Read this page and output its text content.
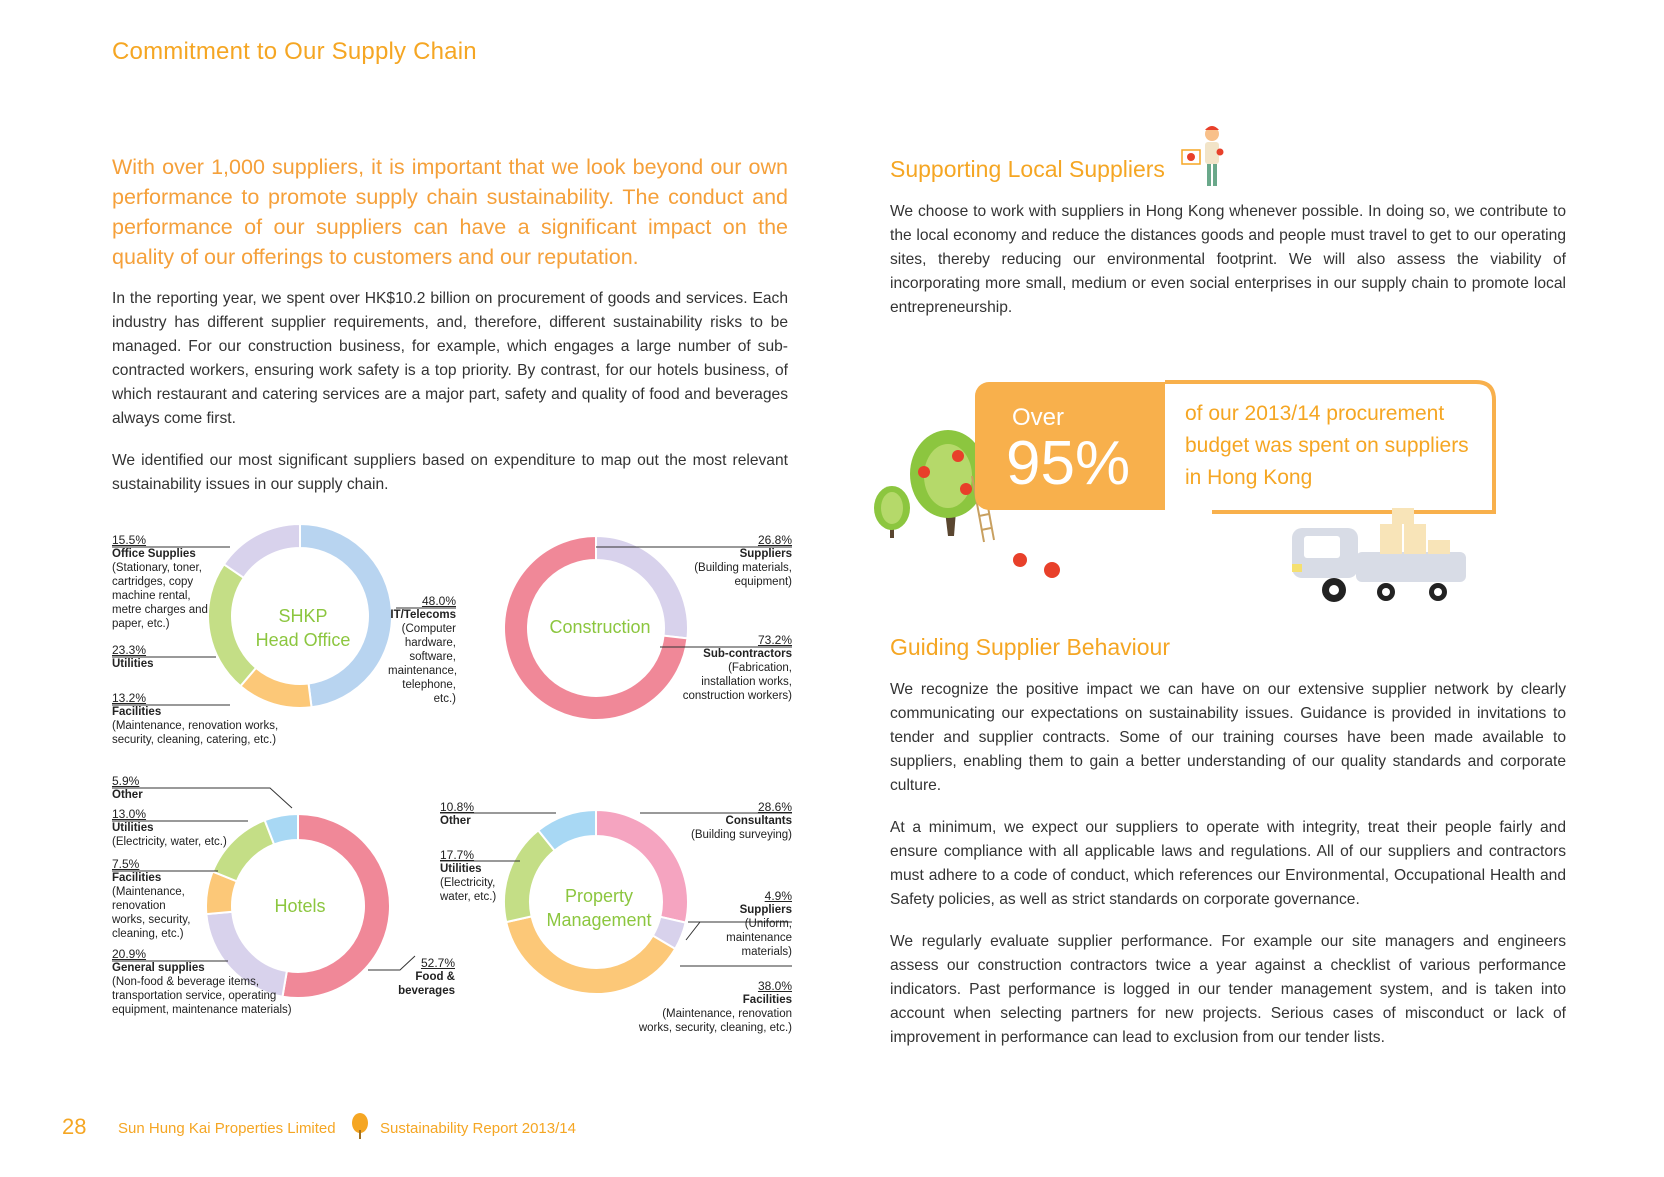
Commitment to Our Supply Chain
With over 1,000 suppliers, it is important that we look beyond our own performance to promote supply chain sustainability. The conduct and performance of our suppliers can have a significant impact on the quality of our offerings to customers and our reputation.
In the reporting year, we spent over HK$10.2 billion on procurement of goods and services. Each industry has different supplier requirements, and, therefore, different sustainability risks to be managed. For our construction business, for example, which engages a large number of sub-contracted workers, ensuring work safety is a top priority. By contrast, for our hotels business, of which restaurant and catering services are a major part, safety and quality of food and beverages always come first.
We identified our most significant suppliers based on expenditure to map out the most relevant sustainability issues in our supply chain.
SHKP
Head Office
Construction
Hotels	Property
Management
15.5%
Office Supplies
(Stationary, toner, cartridges, copy machine rental, metre charges and paper, etc.)
23.3%
Utilities
13.2%
Facilities
(Maintenance, renovation works, security, cleaning, catering, etc.)
48.0%
IT/Telecoms
(Computer hardware, software, maintenance, telephone, etc.)
26.8%
Suppliers
(Building materials, equipment)
73.2%
Sub-contractors
(Fabrication, installation works, construction workers)
5.9%
Other
13.0%
Utilities
(Electricity, water, etc.)
7.5%
Facilities
(Maintenance, renovation works, security, cleaning, etc.)
20.9%
General supplies
(Non-food & beverage items, transportation service, operating equipment, maintenance materials)
52.7%
Food & beverages
10.8%
Other
17.7%
Utilities
(Electricity, water, etc.)
28.6%
Consultants
(Building surveying)
4.9%
Suppliers
(Uniform, maintenance materials)
38.0%
Facilities
(Maintenance, renovation works, security, cleaning, etc.)
Supporting Local Suppliers
We choose to work with suppliers in Hong Kong whenever possible. In doing so, we contribute to the local economy and reduce the distances goods and people must travel to get to our operating sites, thereby reducing our environmental footprint. We will also assess the viability of incorporating more small, medium or even social enterprises in our supply chain to promote local entrepreneurship.
Over
95%
of our 2013/14 procurement budget was spent on suppliers in Hong Kong
Guiding Supplier Behaviour
We recognize the positive impact we can have on our extensive supplier network by clearly communicating our expectations on sustainability issues. Guidance is provided in invitations to tender and supplier contracts. Some of our training courses have been made available to suppliers, enabling them to gain a better understanding of our quality standards and corporate culture.
At a minimum, we expect our suppliers to operate with integrity, treat their people fairly and ensure compliance with all applicable laws and regulations. All of our suppliers and contractors must adhere to a code of conduct, which references our Environmental, Occupational Health and Safety policies, as well as strict standards on corporate governance.
We regularly evaluate supplier performance. For example our site managers and engineers assess our construction contractors twice a year against a checklist of various performance indicators. Past performance is logged in our tender management system, and is taken into account when selecting partners for new projects. Serious cases of misconduct or lack of improvement in performance can lead to exclusion from our tender lists.
28 Sun Hung Kai Properties Limited	Sustainability Report 2013/14
